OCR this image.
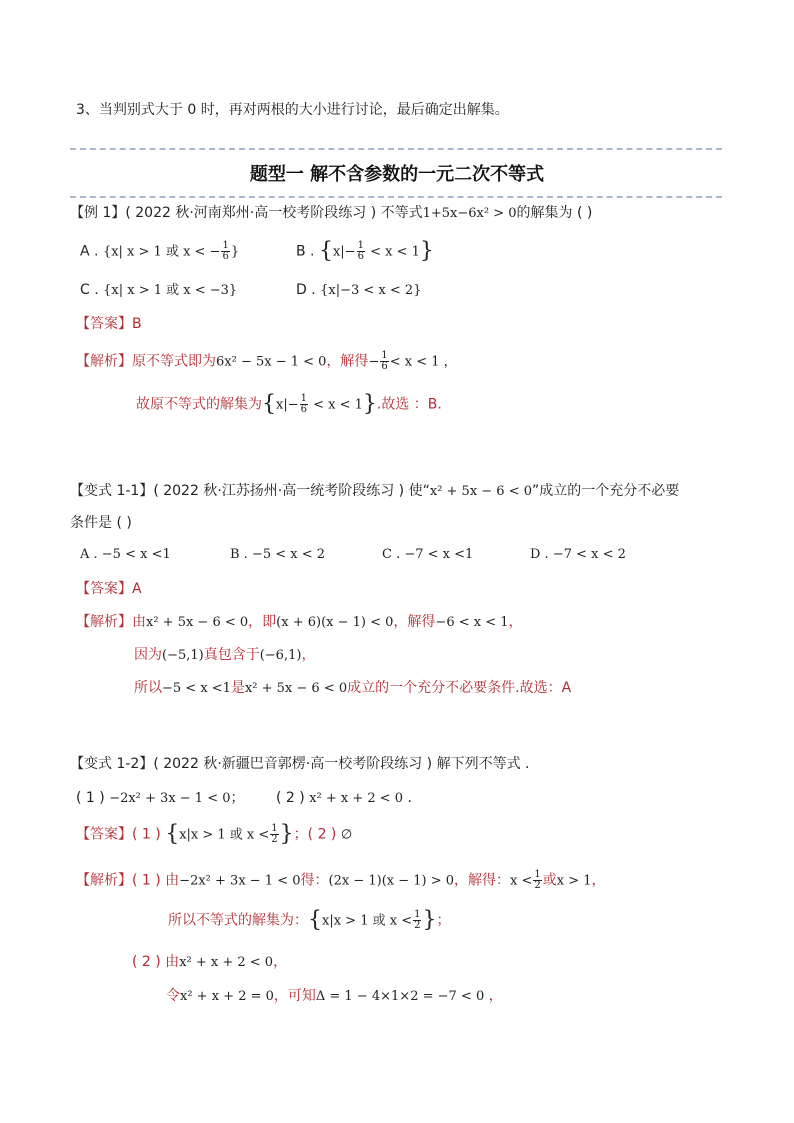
3、当判别式大于 0 时，再对两根的大小进行讨论，最后确定出解集。
题型一 解不含参数的一元二次不等式
【例 1】( 2022 秋·河南郑州·高一校考阶段练习 ) 不等式1+5x−6x² > 0的解集为 ( )
A . {x| x > 1 或 x < − $\frac{1}{6}$ }	B . $\{x|- \frac{1}{6} < x < 1\}$
C . {x| x > 1 或 x < −3}	D . {x|−3 < x < 2}
【答案】B
【解析】原不等式即为6x² − 5x − 1 < 0，解得− $\frac{1}{6} < x < 1$ ，
故原不等式的解集为$\{x|- \frac{1}{6} < x < 1\}$.故选 ：B.
【变式 1-1】( 2022 秋·江苏扬州·高一统考阶段练习 ) 使“x² + 5x − 6 < 0”成立的一个充分不必要
条件是 ( )
A . −5 < x <1	B . −5 < x < 2	C . −7 < x <1	D . −7 < x < 2
【答案】A
【解析】由x² + 5x − 6 < 0，即(x + 6)(x − 1) < 0，解得−6 < x < 1，
因为(−5,1)真包含于(−6,1)，
所以−5 < x <1是x² + 5x − 6 < 0成立的一个充分不必要条件.故选：A
【变式 1-2】( 2022 秋·新疆巴音郭楞·高一校考阶段练习 ) 解下列不等式 .
( 1 ) −2x² + 3x − 1 < 0； ( 2 ) x² + x + 2 < 0 .
【答案】( 1 ) {x|x > 1 或 $x < \frac{1}{2}$ }；( 2 ) ∅
【解析】( 1 ) 由−2x² + 3x − 1 < 0得：(2x − 1)(x − 1) > 0，解得：$x < \frac{1}{2}$ 或x > 1，
所以不等式的解集为：{x|x > 1 或 $x < \frac{1}{2}$ }；
( 2 ) 由x² + x + 2 < 0，
令x² + x + 2 = 0，可知Δ = 1 − 4×1×2 = −7 < 0 ，
